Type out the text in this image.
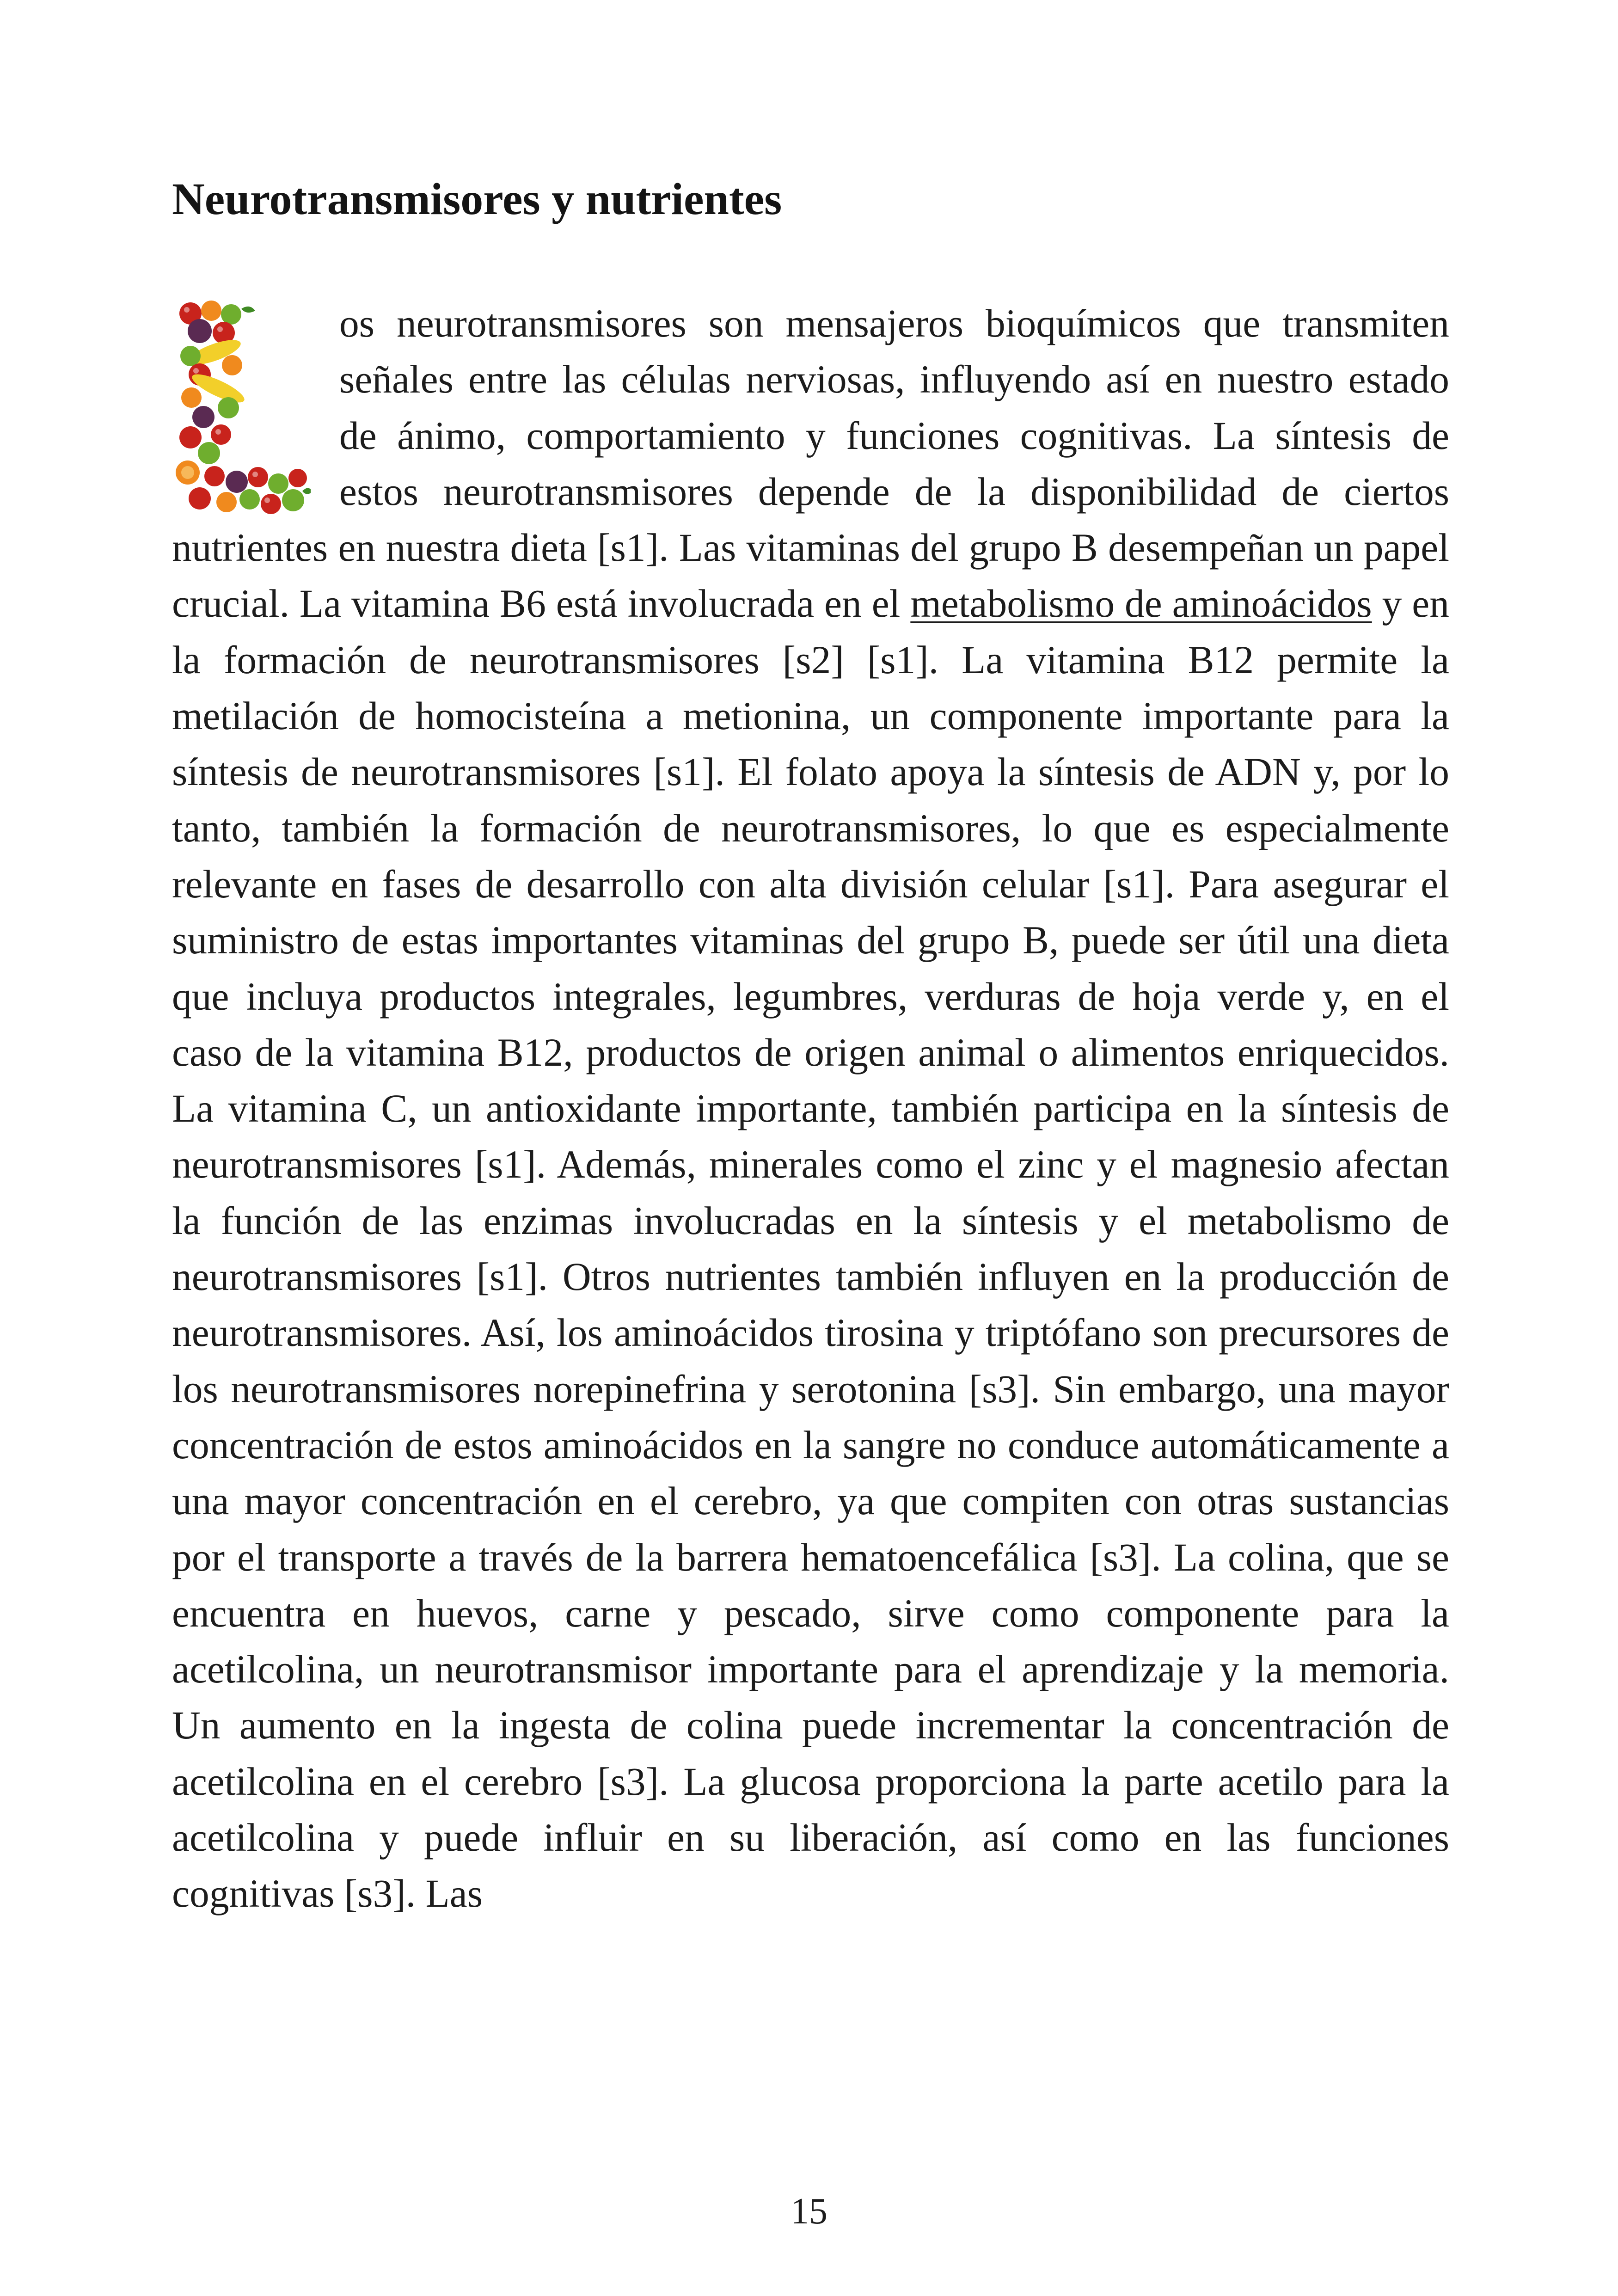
Neurotransmisores y nutrientes

os neurotransmisores son mensajeros bioquímicos que transmiten señales entre las células nerviosas, influyendo así en nuestro estado de ánimo, comportamiento y funciones cognitivas. La síntesis de estos neurotransmisores depende de la disponibilidad de ciertos nutrientes en nuestra dieta [s1]. Las vitaminas del grupo B desempeñan un papel crucial. La vitamina B6 está involucrada en el metabolismo de aminoácidos y en la formación de neurotransmisores [s2] [s1]. La vitamina B12 permite la metilación de homocisteína a metionina, un componente importante para la síntesis de neurotransmisores [s1]. El folato apoya la síntesis de ADN y, por lo tanto, también la formación de neurotransmisores, lo que es especialmente relevante en fases de desarrollo con alta división celular [s1]. Para asegurar el suministro de estas importantes vitaminas del grupo B, puede ser útil una dieta que incluya productos integrales, legumbres, verduras de hoja verde y, en el caso de la vitamina B12, productos de origen animal o alimentos enriquecidos. La vitamina C, un antioxidante importante, también participa en la síntesis de neurotransmisores [s1]. Además, minerales como el zinc y el magnesio afectan la función de las enzimas involucradas en la síntesis y el metabolismo de neurotransmisores [s1]. Otros nutrientes también influyen en la producción de neurotransmisores. Así, los aminoácidos tirosina y triptófano son precursores de los neurotransmisores norepinefrina y serotonina [s3]. Sin embargo, una mayor concentración de estos aminoácidos en la sangre no conduce automáticamente a una mayor concentración en el cerebro, ya que compiten con otras sustancias por el transporte a través de la barrera hematoencefálica [s3]. La colina, que se encuentra en huevos, carne y pescado, sirve como componente para la acetilcolina, un neurotransmisor importante para el aprendizaje y la memoria. Un aumento en la ingesta de colina puede incrementar la concentración de acetilcolina en el cerebro [s3]. La glucosa proporciona la parte acetilo para la acetilcolina y puede influir en su liberación, así como en las funciones cognitivas [s3]. Las

15
